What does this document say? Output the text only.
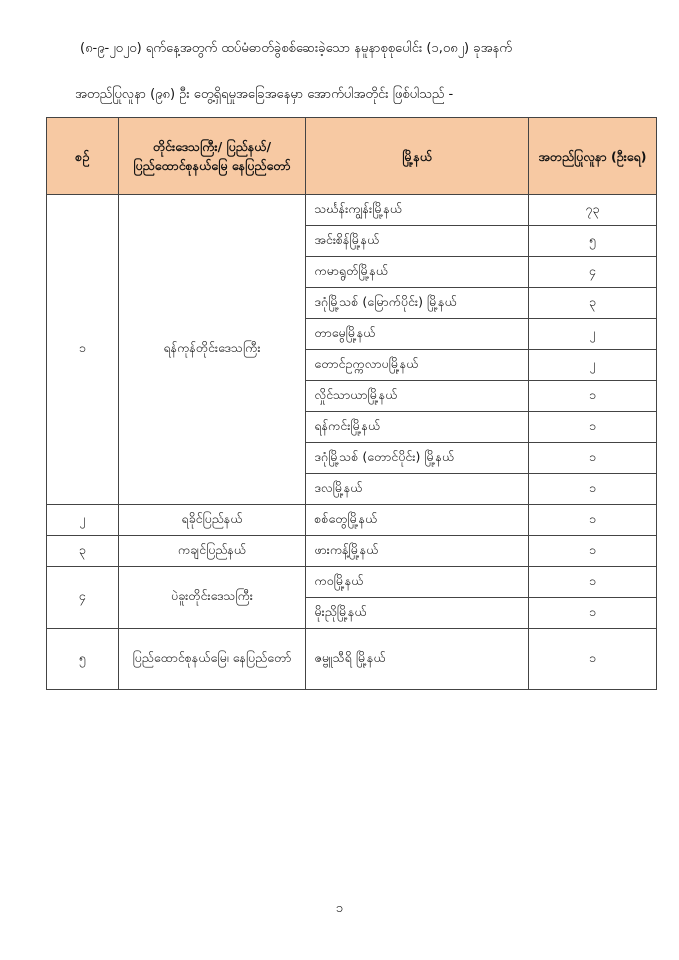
(၈-၉-၂၀၂၀) ရက်နေ့အတွက် ထပ်မံဓာတ်ခွဲစစ်ဆေးခဲ့သော နမူနာစုစုပေါင်း (၁,၀၈၂) ခုအနက်
အတည်ပြုလူနာ (၉၈) ဦး တွေ့ရှိရမှုအခြေအနေမှာ အောက်ပါအတိုင်း ဖြစ်ပါသည် -
စဉ်	တိုင်းဒေသကြီး/ ပြည်နယ်/ ပြည်ထောင်စုနယ်မြေ နေပြည်တော်	မြို့နယ်	အတည်ပြုလူနာ (ဦးရေ)
၁	ရန်ကုန်တိုင်းဒေသကြီး	သင်္ဃန်းကျွန်းမြို့နယ်	၇၃
		အင်းစိန်မြို့နယ်	၅
		ကမာရွတ်မြို့နယ်	၄
		ဒဂုံမြို့သစ် (မြောက်ပိုင်း) မြို့နယ်	၃
		တာမွေမြို့နယ်	၂
		တောင်ဥက္ကလာပမြို့နယ်	၂
		လှိုင်သာယာမြို့နယ်	၁
		ရန်ကင်းမြို့နယ်	၁
		ဒဂုံမြို့သစ် (တောင်ပိုင်း) မြို့နယ်	၁
		ဒလမြို့နယ်	၁
၂	ရခိုင်ပြည်နယ်	စစ်တွေမြို့နယ်	၁
၃	ကချင်ပြည်နယ်	ဖားကန့်မြို့နယ်	၁
၄	ပဲခူးတိုင်းဒေသကြီး	ကဝမြို့နယ်	၁
		မိုးညိုမြို့နယ်	၁
၅	ပြည်ထောင်စုနယ်မြေ၊ နေပြည်တော်	ဇမ္ဗူသီရိ မြို့နယ်	၁
၁
